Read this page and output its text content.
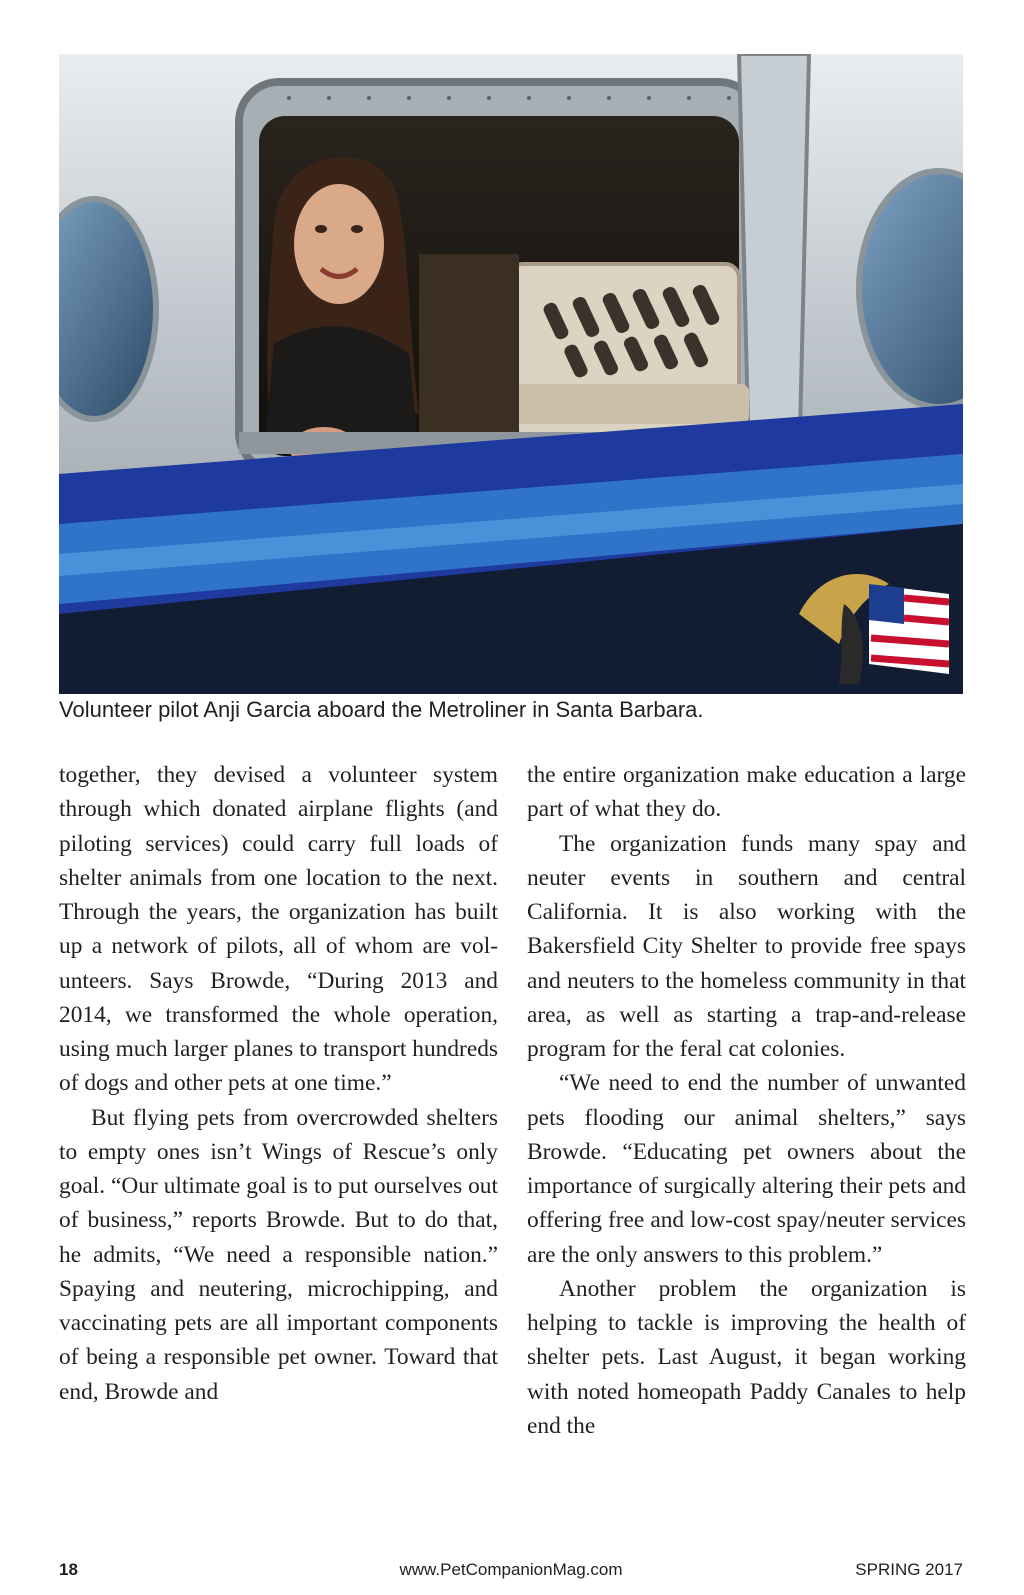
Volunteer pilot Anji Garcia aboard the Metroliner in Santa Barbara.

together, they devised a volunteer system through which donated airplane flights (and piloting services) could carry full loads of shelter animals from one location to the next. Through the years, the organization has built up a network of pilots, all of whom are volunteers. Says Browde, “During 2013 and 2014, we transformed the whole operation, using much larger planes to transport hundreds of dogs and other pets at one time.”

But flying pets from overcrowded shelters to empty ones isn’t Wings of Rescue’s only goal. “Our ultimate goal is to put ourselves out of business,” reports Browde. But to do that, he admits, “We need a responsible nation.” Spaying and neutering, microchipping, and vaccinating pets are all important components of being a responsible pet owner. Toward that end, Browde and

the entire organization make education a large part of what they do.

The organization funds many spay and neuter events in southern and central California. It is also working with the Bakersfield City Shelter to provide free spays and neuters to the homeless community in that area, as well as starting a trap-and-release program for the feral cat colonies.

“We need to end the number of unwanted pets flooding our animal shelters,” says Browde. “Educating pet owners about the importance of surgically altering their pets and offering free and low-cost spay/neuter services are the only answers to this problem.”

Another problem the organization is helping to tackle is improving the health of shelter pets. Last August, it began working with noted homeopath Paddy Canales to help end the

18	www.PetCompanionMag.com	SPRING 2017
